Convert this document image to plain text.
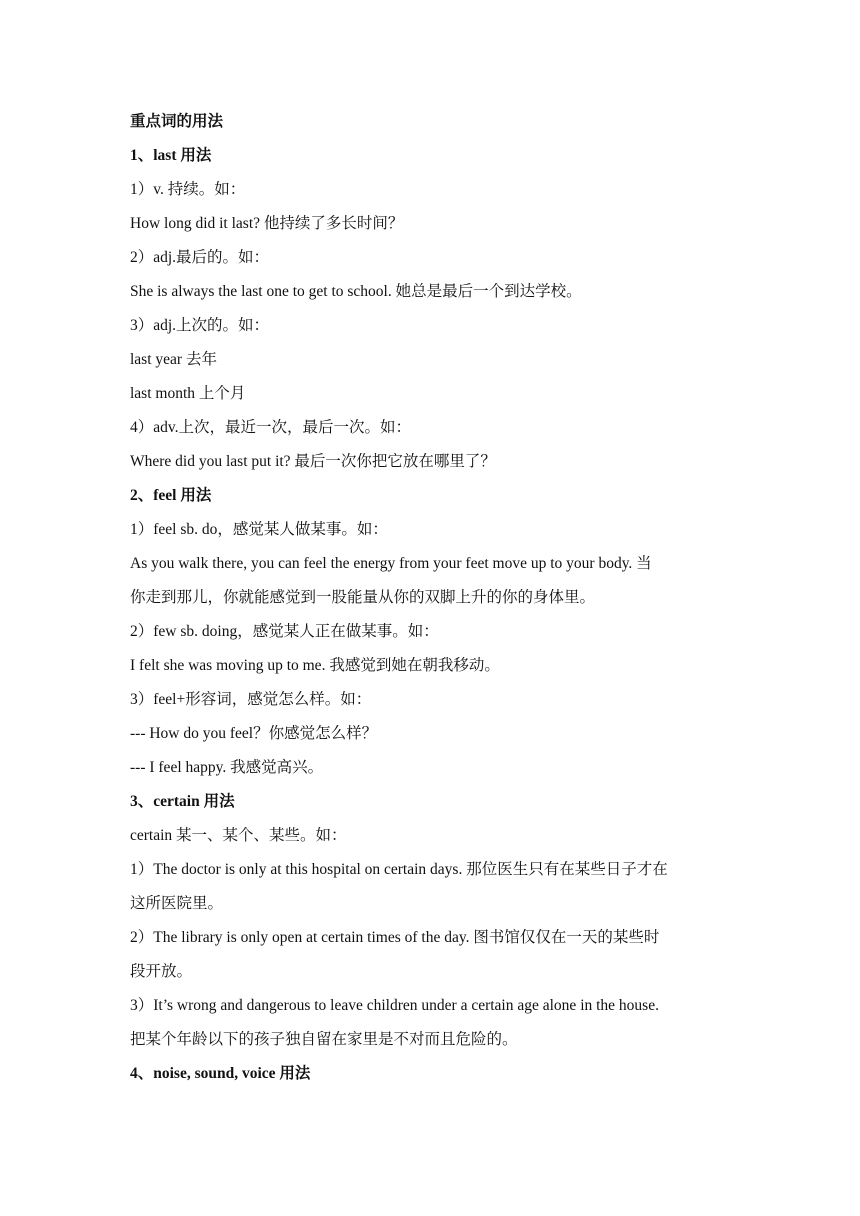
重点词的用法
1、last 用法
1）v. 持续。如：
How long did it last? 他持续了多长时间？
2）adj.最后的。如：
She is always the last one to get to school. 她总是最后一个到达学校。
3）adj.上次的。如：
last year 去年
last month 上个月
4）adv.上次，最近一次，最后一次。如：
Where did you last put it? 最后一次你把它放在哪里了？
2、feel 用法
1）feel sb. do，感觉某人做某事。如：
As you walk there, you can feel the energy from your feet move up to your body. 当
你走到那儿，你就能感觉到一股能量从你的双脚上升的你的身体里。
2）few sb. doing，感觉某人正在做某事。如：
I felt she was moving up to me. 我感觉到她在朝我移动。
3）feel+形容词，感觉怎么样。如：
--- How do you feel？你感觉怎么样？
--- I feel happy. 我感觉高兴。
3、certain 用法
certain 某一、某个、某些。如：
1）The doctor is only at this hospital on certain days. 那位医生只有在某些日子才在
这所医院里。
2）The library is only open at certain times of the day. 图书馆仅仅在一天的某些时
段开放。
3）It’s wrong and dangerous to leave children under a certain age alone in the house.
把某个年龄以下的孩子独自留在家里是不对而且危险的。
4、noise, sound, voice 用法
